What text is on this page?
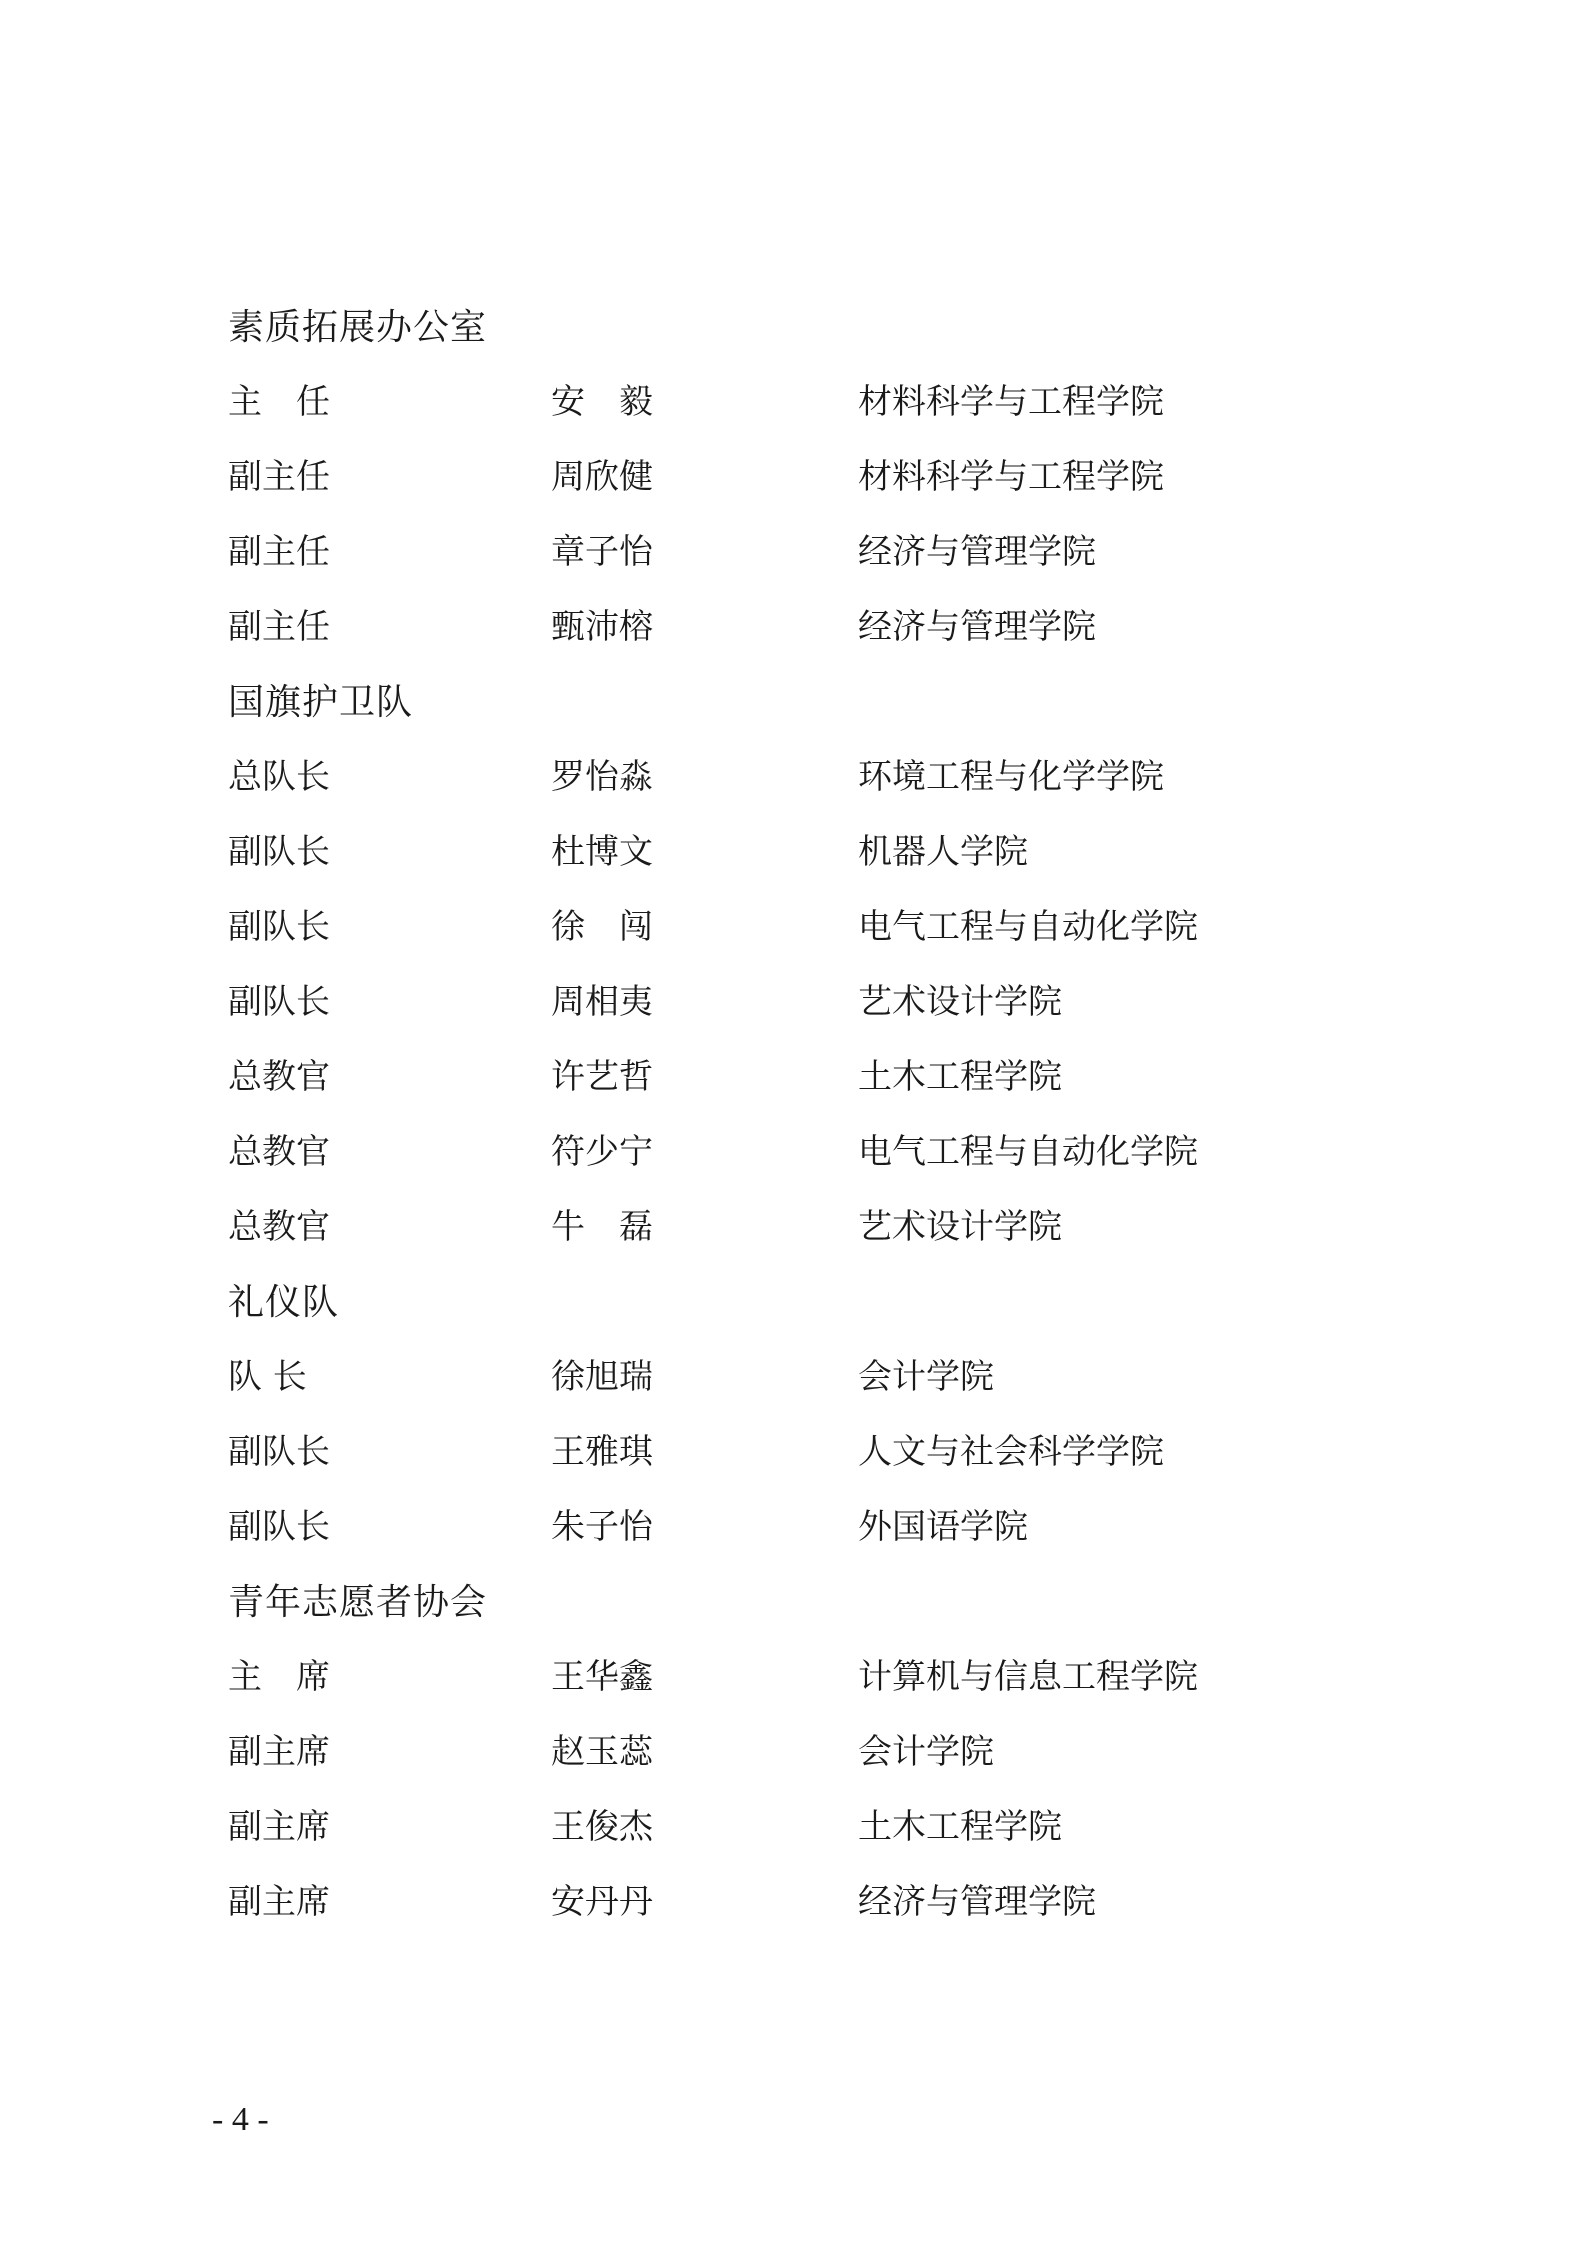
素质拓展办公室
主　任	安　毅	材料科学与工程学院
副主任	周欣健	材料科学与工程学院
副主任	章子怡	经济与管理学院
副主任	甄沛榕	经济与管理学院
国旗护卫队
总队长	罗怡淼	环境工程与化学学院
副队长	杜博文	机器人学院
副队长	徐　闯	电气工程与自动化学院
副队长	周相夷	艺术设计学院
总教官	许艺哲	土木工程学院
总教官	符少宁	电气工程与自动化学院
总教官	牛　磊	艺术设计学院
礼仪队
队 长	徐旭瑞	会计学院
副队长	王雅琪	人文与社会科学学院
副队长	朱子怡	外国语学院
青年志愿者协会
主　席	王华鑫	计算机与信息工程学院
副主席	赵玉蕊	会计学院
副主席	王俊杰	土木工程学院
副主席	安丹丹	经济与管理学院
- 4 -
